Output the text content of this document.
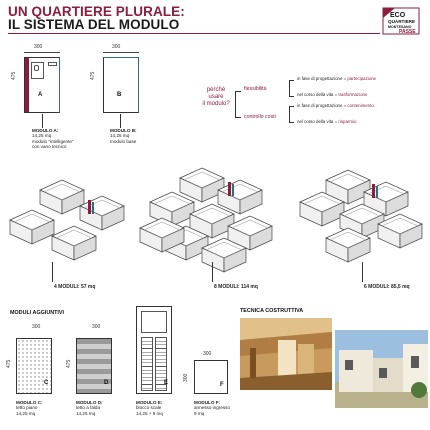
UN QUARTIERE PLURALE:
IL SISTEMA DEL MODULO
ECO
QUARTIERE
MONTESANO
PASSE
300
475
A
MODULO A:
14,25 mq
modulo "intelligente"
con vano tecnico
300
475
B
MODULO B:
14,25 mq
modulo base
perchè
usare
il modulo?
flessibilità
controllo costi
in fase di progettazione = partecipazione
nel corso della vita = trasformazione
in fase di progettazione = contenimento
nel corso della vita = risparmio
4 MODULI: 57 mq	8 MODULI: 114 mq	6 MODULI: 85,5 mq
MODULI AGGIUNTIVI
300
475
C
MODULO C:
tetto piano
14,25 mq
300
475
D
MODULO D:
tetto a falda
14,25 mq
E
MODULO E:
blocco scale
14,25 + 9 mq
300
300
F
MODULO F:
annesso ingresso
9 mq
TECNICA COSTRUTTIVA
